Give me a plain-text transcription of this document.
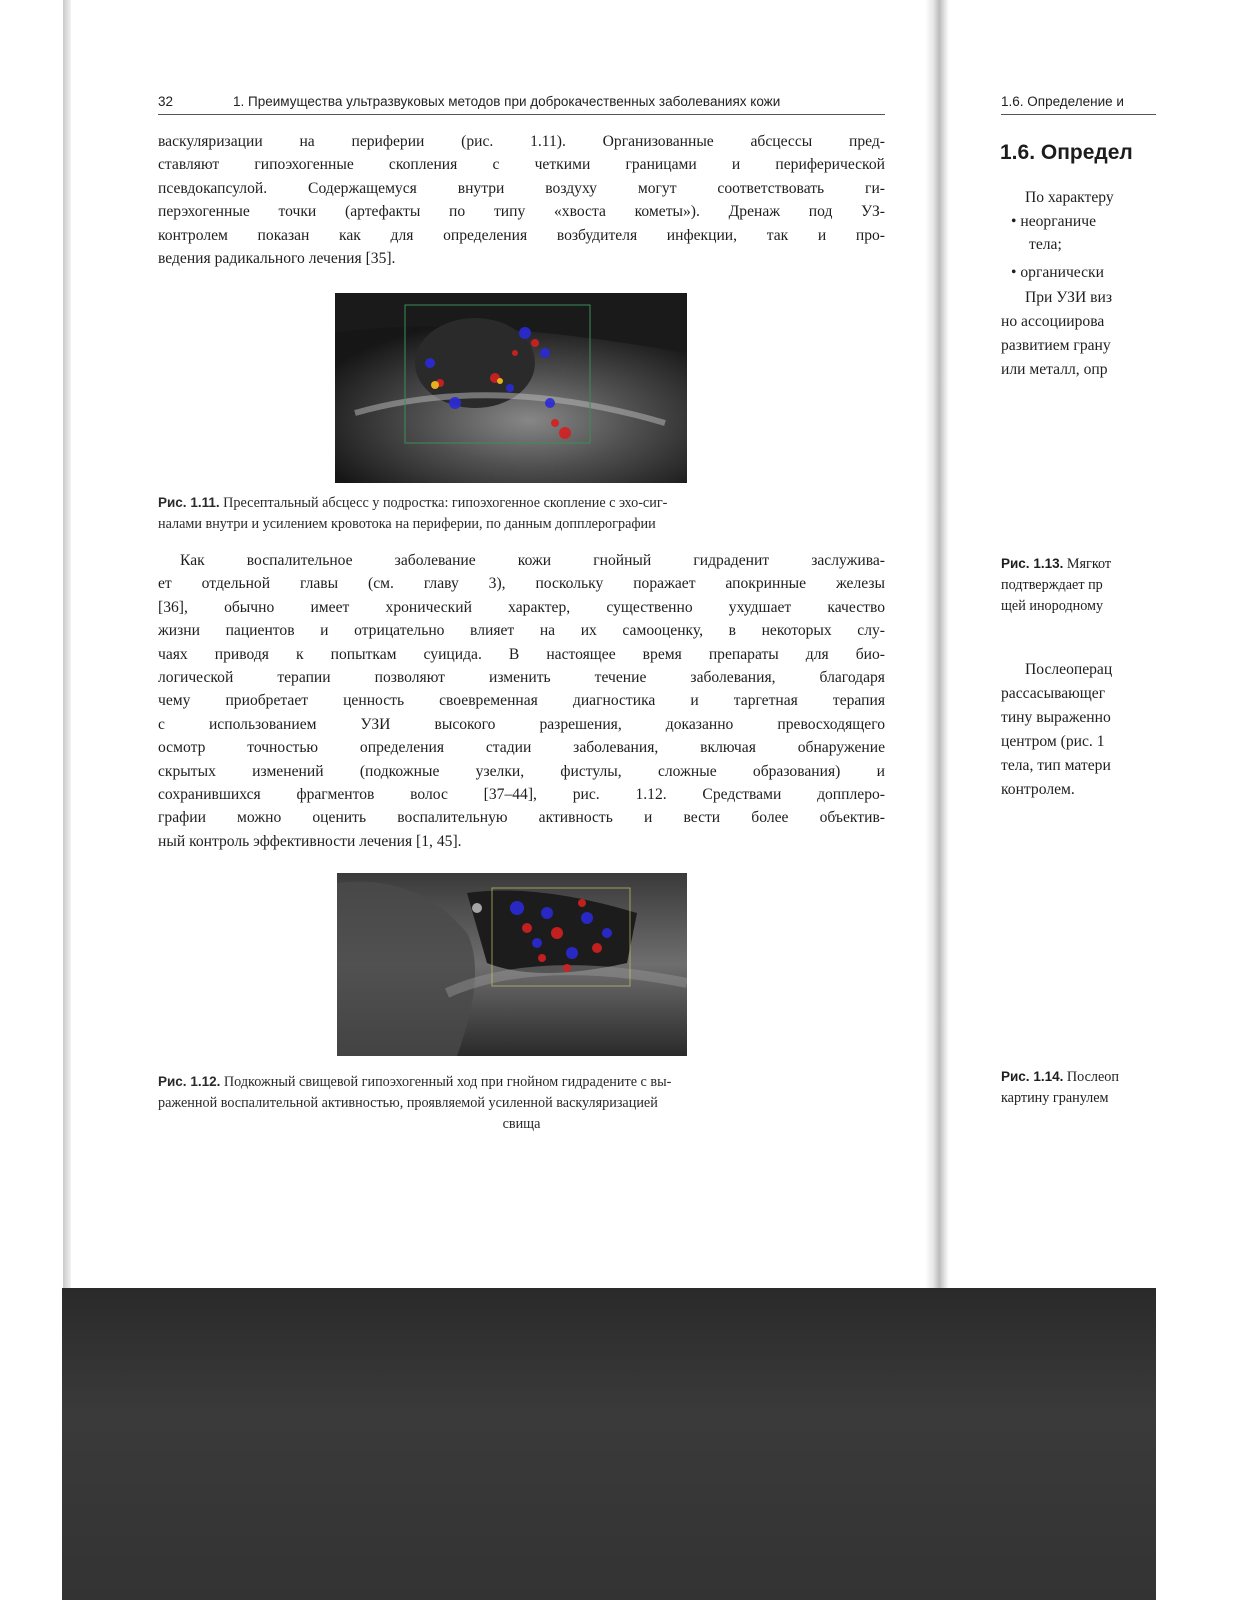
32	1. Преимущества ультразвуковых методов при доброкачественных заболеваниях кожи
васкуляризации на периферии (рис. 1.11). Организованные абсцессы пред-
ставляют гипоэхогенные скопления с четкими границами и периферической
псевдокапсулой. Содержащемуся внутри воздуху могут соответствовать ги-
перэхогенные точки (артефакты по типу «хвоста кометы»). Дренаж под УЗ-
контролем показан как для определения возбудителя инфекции, так и про-
ведения радикального лечения [35].
Рис. 1.11. Пресептальный абсцесс у подростка: гипоэхогенное скопление с эхо-сиг-
налами внутри и усилением кровотока на периферии, по данным допплерографии
Как воспалительное заболевание кожи гнойный гидраденит заслужива-
ет отдельной главы (см. главу 3), поскольку поражает апокринные железы
[36], обычно имеет хронический характер, существенно ухудшает качество
жизни пациентов и отрицательно влияет на их самооценку, в некоторых слу-
чаях приводя к попыткам суицида. В настоящее время препараты для био-
логической терапии позволяют изменить течение заболевания, благодаря
чему приобретает ценность своевременная диагностика и таргетная терапия
с использованием УЗИ высокого разрешения, доказанно превосходящего
осмотр точностью определения стадии заболевания, включая обнаружение
скрытых изменений (подкожные узелки, фистулы, сложные образования) и
сохранившихся фрагментов волос [37–44], рис. 1.12. Средствами допплеро-
графии можно оценить воспалительную активность и вести более объектив-
ный контроль эффективности лечения [1, 45].
Рис. 1.12. Подкожный свищевой гипоэхогенный ход при гнойном гидрадените с вы-
раженной воспалительной активностью, проявляемой усиленной васкуляризацией
свища
1.6. Определение и
1.6. Определ
По характеру
• неорганиче
тела;
• органически
При УЗИ виз
но ассоциирова
развитием грану
или металл, опр
Рис. 1.13. Мягкот
подтверждает пр
щей инородному
Послеоперац
рассасывающег
тину выраженно
центром (рис. 1
тела, тип матери
контролем.
Рис. 1.14. Послеоп
картину гранулем
